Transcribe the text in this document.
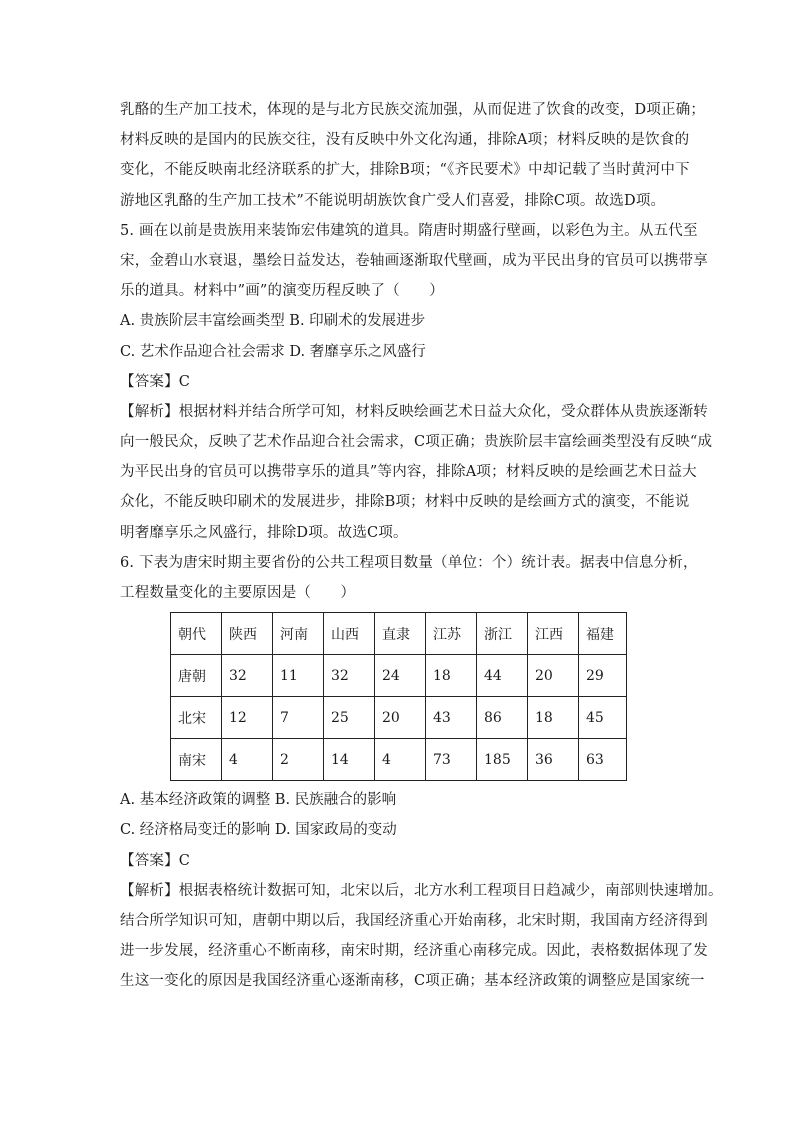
乳酪的生产加工技术，体现的是与北方民族交流加强，从而促进了饮食的改变，D项正确；
材料反映的是国内的民族交往，没有反映中外文化沟通，排除A项；材料反映的是饮食的
变化，不能反映南北经济联系的扩大，排除B项；“《齐民要术》中却记载了当时黄河中下
游地区乳酪的生产加工技术”不能说明胡族饮食广受人们喜爱，排除C项。故选D项。
5. 画在以前是贵族用来装饰宏伟建筑的道具。隋唐时期盛行壁画，以彩色为主。从五代至
宋，金碧山水衰退，墨绘日益发达，卷轴画逐渐取代壁画，成为平民出身的官员可以携带享
乐的道具。材料中”画”的演变历程反映了（　　）
A. 贵族阶层丰富绘画类型 B. 印刷术的发展进步
C. 艺术作品迎合社会需求 D. 奢靡享乐之风盛行
【答案】C
【解析】根据材料并结合所学可知，材料反映绘画艺术日益大众化，受众群体从贵族逐渐转
向一般民众，反映了艺术作品迎合社会需求，C项正确；贵族阶层丰富绘画类型没有反映“成
为平民出身的官员可以携带享乐的道具”等内容，排除A项；材料反映的是绘画艺术日益大
众化，不能反映印刷术的发展进步，排除B项；材料中反映的是绘画方式的演变，不能说
明奢靡享乐之风盛行，排除D项。故选C项。
6. 下表为唐宋时期主要省份的公共工程项目数量（单位：个）统计表。据表中信息分析，
工程数量变化的主要原因是（　　）
朝代	陕西	河南	山西	直隶	江苏	浙江	江西	福建
唐朝	32	11	32	24	18	44	20	29
北宋	12	7	25	20	43	86	18	45
南宋	4	2	14	4	73	185	36	63
A. 基本经济政策的调整 B. 民族融合的影响
C. 经济格局变迁的影响 D. 国家政局的变动
【答案】C
【解析】根据表格统计数据可知，北宋以后，北方水利工程项目日趋减少，南部则快速增加。
结合所学知识可知，唐朝中期以后，我国经济重心开始南移，北宋时期，我国南方经济得到
进一步发展，经济重心不断南移，南宋时期，经济重心南移完成。因此，表格数据体现了发
生这一变化的原因是我国经济重心逐渐南移，C项正确；基本经济政策的调整应是国家统一
